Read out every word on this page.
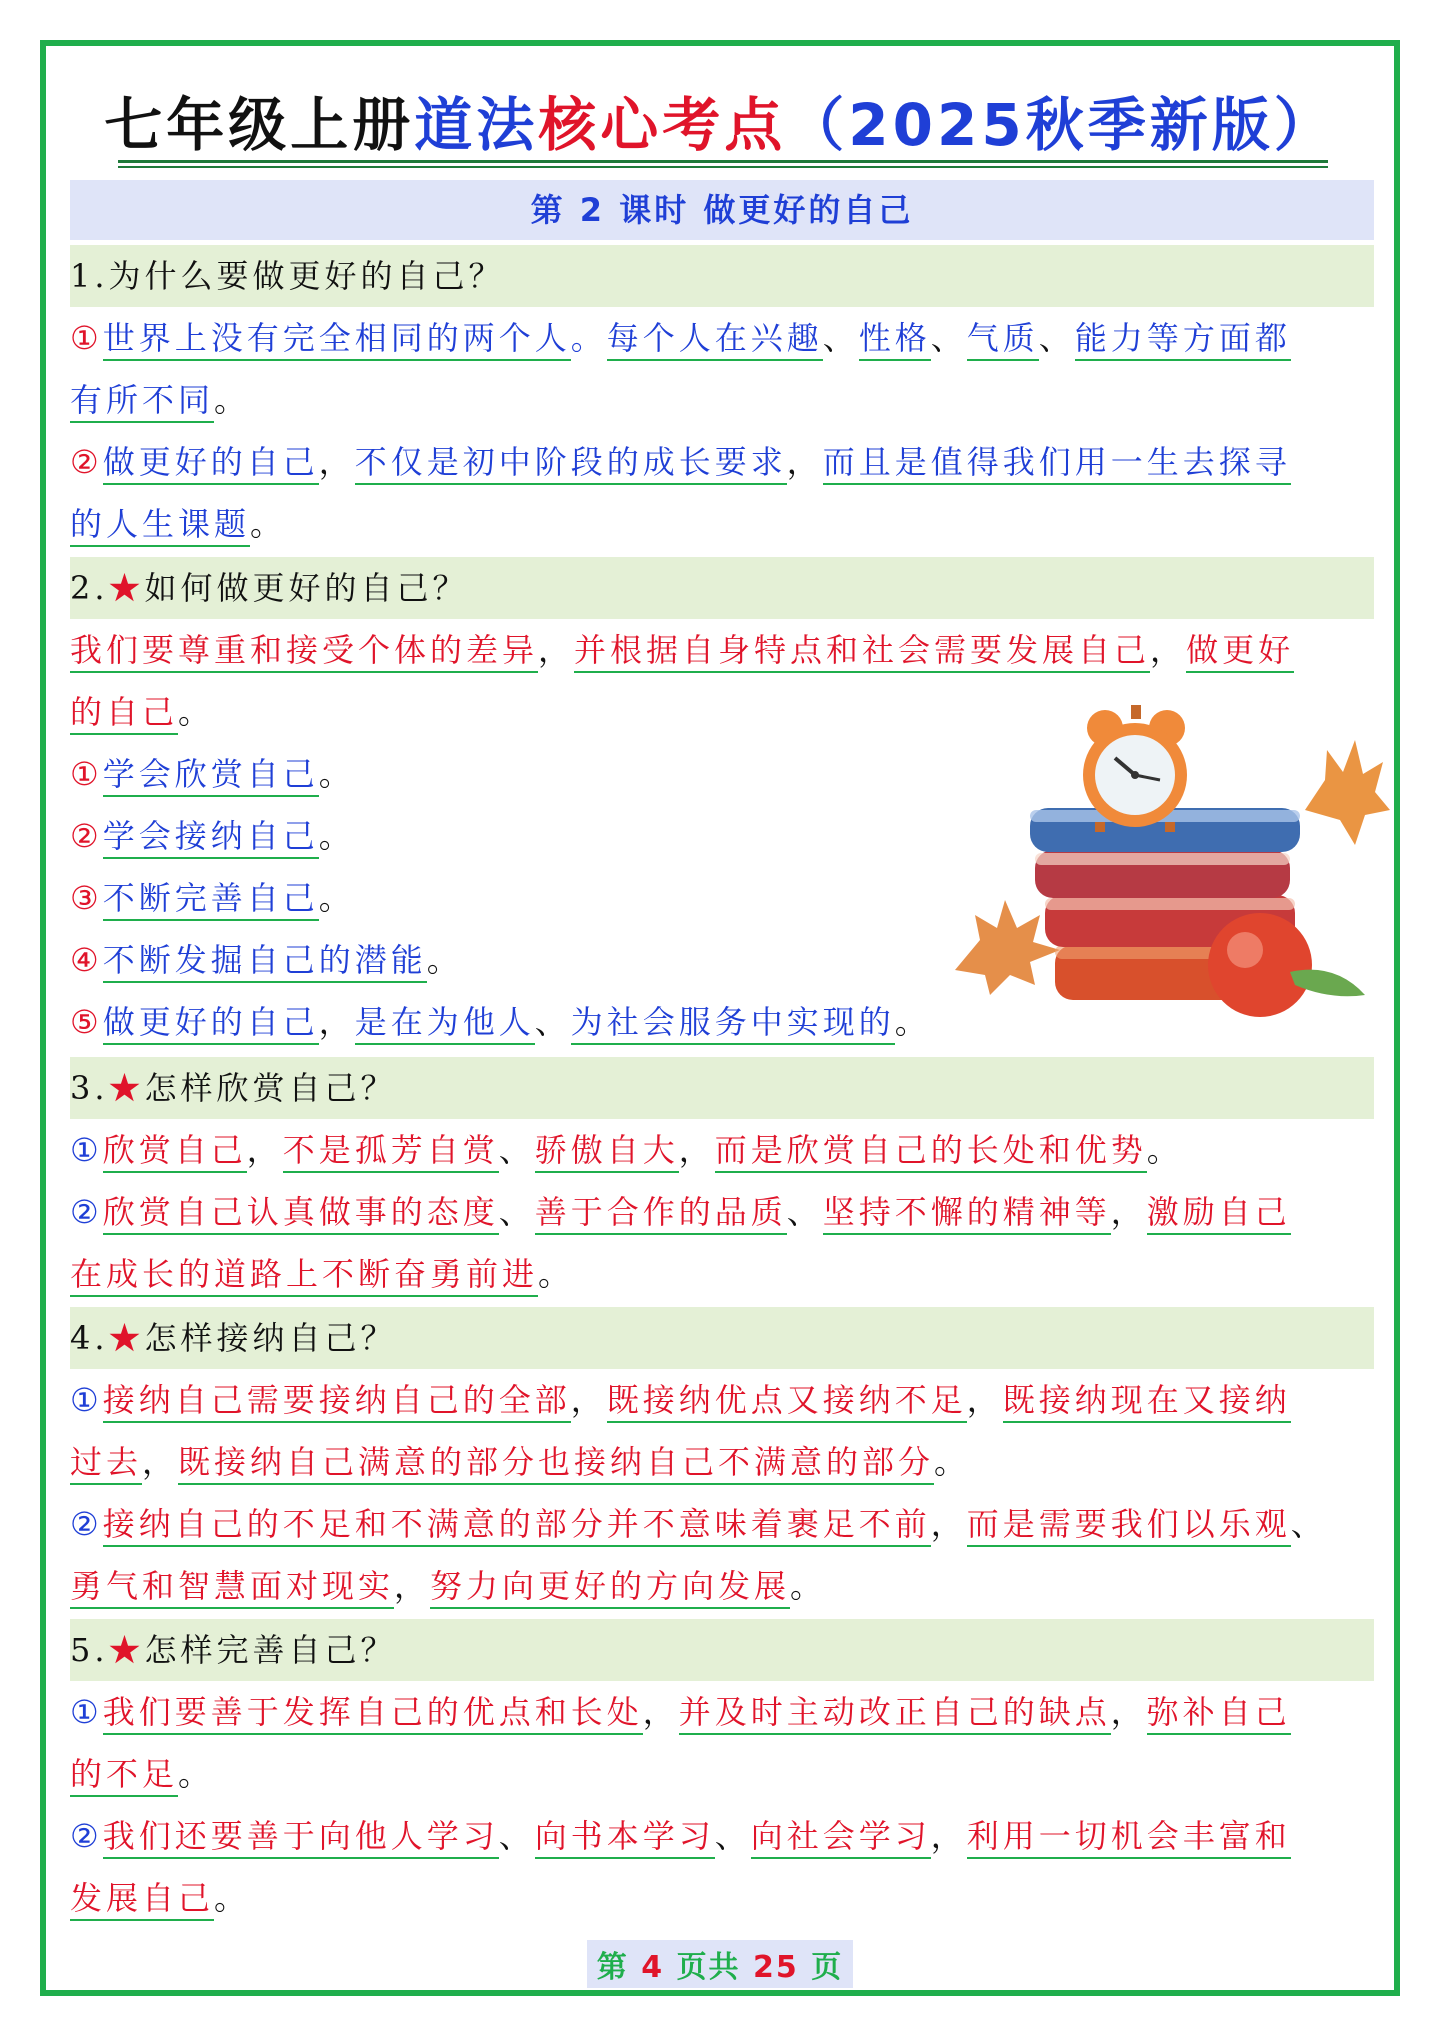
七年级上册道法核心考点（2025秋季新版）
第 2 课时 做更好的自己
1.为什么要做更好的自己？
①世界上没有完全相同的两个人。每个人在兴趣、性格、气质、能力等方面都
有所不同。
②做更好的自己，不仅是初中阶段的成长要求，而且是值得我们用一生去探寻
的人生课题。
2.★如何做更好的自己？
我们要尊重和接受个体的差异，并根据自身特点和社会需要发展自己，做更好
的自己。
①学会欣赏自己。
②学会接纳自己。
③不断完善自己。
④不断发掘自己的潜能。
⑤做更好的自己，是在为他人、为社会服务中实现的。
3.★怎样欣赏自己？
①欣赏自己，不是孤芳自赏、骄傲自大，而是欣赏自己的长处和优势。
②欣赏自己认真做事的态度、善于合作的品质、坚持不懈的精神等，激励自己
在成长的道路上不断奋勇前进。
4.★怎样接纳自己？
①接纳自己需要接纳自己的全部，既接纳优点又接纳不足，既接纳现在又接纳
过去，既接纳自己满意的部分也接纳自己不满意的部分。
②接纳自己的不足和不满意的部分并不意味着裹足不前，而是需要我们以乐观、
勇气和智慧面对现实，努力向更好的方向发展。
5.★怎样完善自己？
①我们要善于发挥自己的优点和长处，并及时主动改正自己的缺点，弥补自己
的不足。
②我们还要善于向他人学习、向书本学习、向社会学习，利用一切机会丰富和
发展自己。
第 4 页共 25 页
